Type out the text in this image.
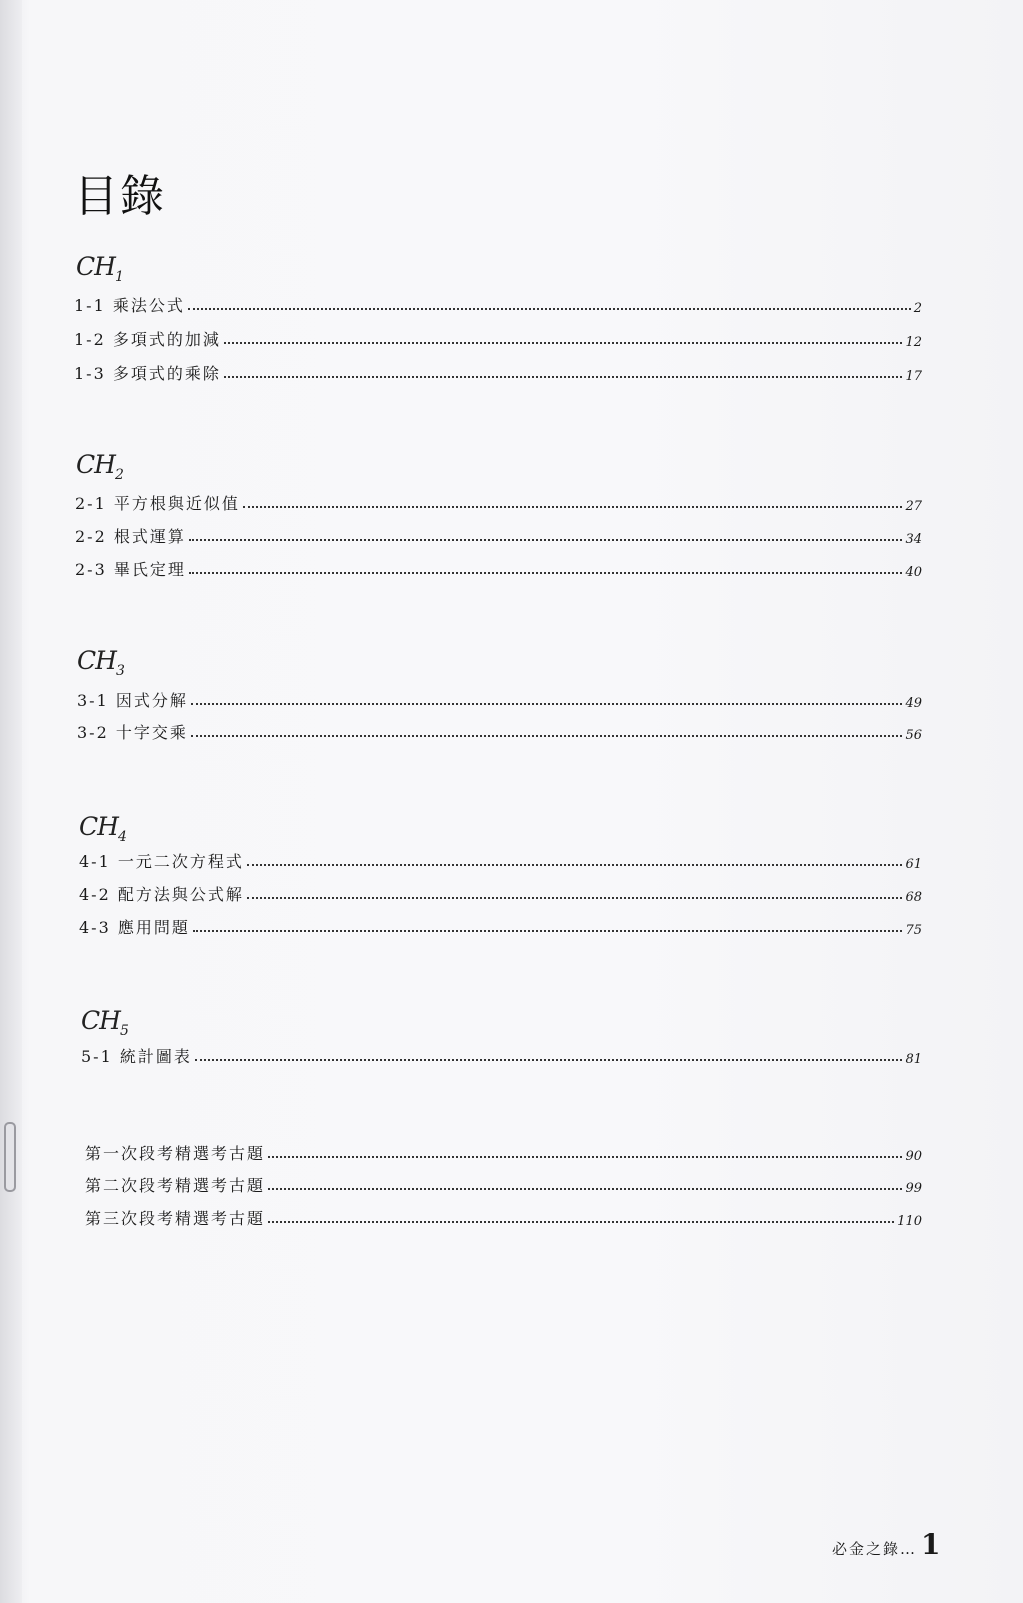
目錄
$CH_1$
1-1 乘法公式	2
1-2 多項式的加減	12
1-3 多項式的乘除	17
$CH_2$
2-1 平方根與近似值	27
2-2 根式運算	34
2-3 畢氏定理	40
$CH_3$
3-1 因式分解	49
3-2 十字交乘	56
$CH_4$
4-1 一元二次方程式	61
4-2 配方法與公式解	68
4-3 應用問題	75
$CH_5$
5-1 統計圖表	81
第一次段考精選考古題	90
第二次段考精選考古題	99
第三次段考精選考古題	110
必金之錄… 1
